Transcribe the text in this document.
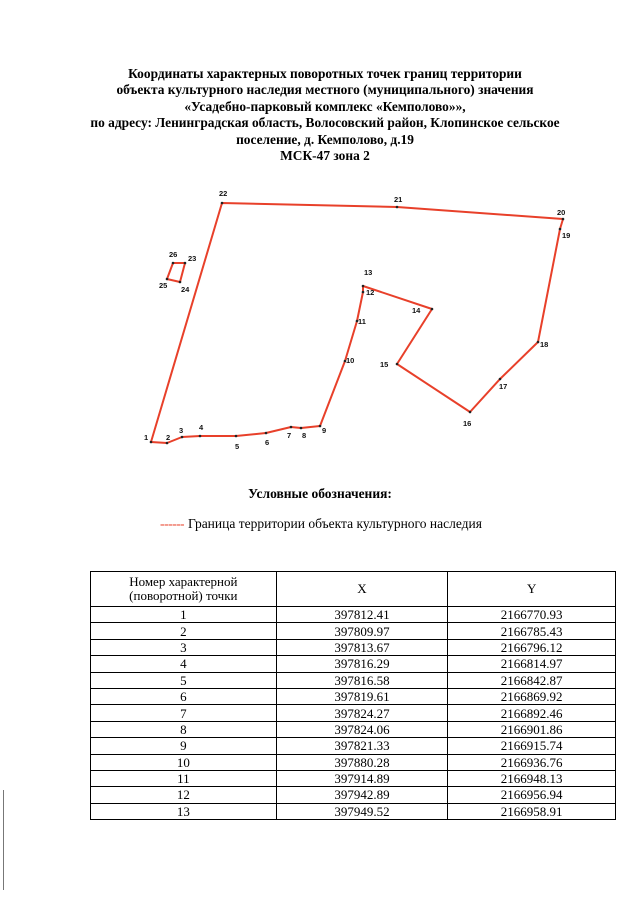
Координаты характерных поворотных точек границ территории
объекта культурного наследия местного (муниципального) значения
«Усадебно-парковый комплекс «Кемполово»»,
по адресу: Ленинградская область, Волосовский район, Клопинское сельское
поселение, д. Кемполово, д.19
МСК-47 зона 2
1 2
3 4
5	6
7 8
9
10
11
12
13
14
15
16
17
18
19
20
21
22
23
24
25
26
Условные обозначения:
------ Граница территории объекта культурного наследия
Номер характерной (поворотной) точки	X	Y
1	397812.41	2166770.93
2	397809.97	2166785.43
3	397813.67	2166796.12
4	397816.29	2166814.97
5	397816.58	2166842.87
6	397819.61	2166869.92
7	397824.27	2166892.46
8	397824.06	2166901.86
9	397821.33	2166915.74
10	397880.28	2166936.76
11	397914.89	2166948.13
12	397942.89	2166956.94
13	397949.52	2166958.91
